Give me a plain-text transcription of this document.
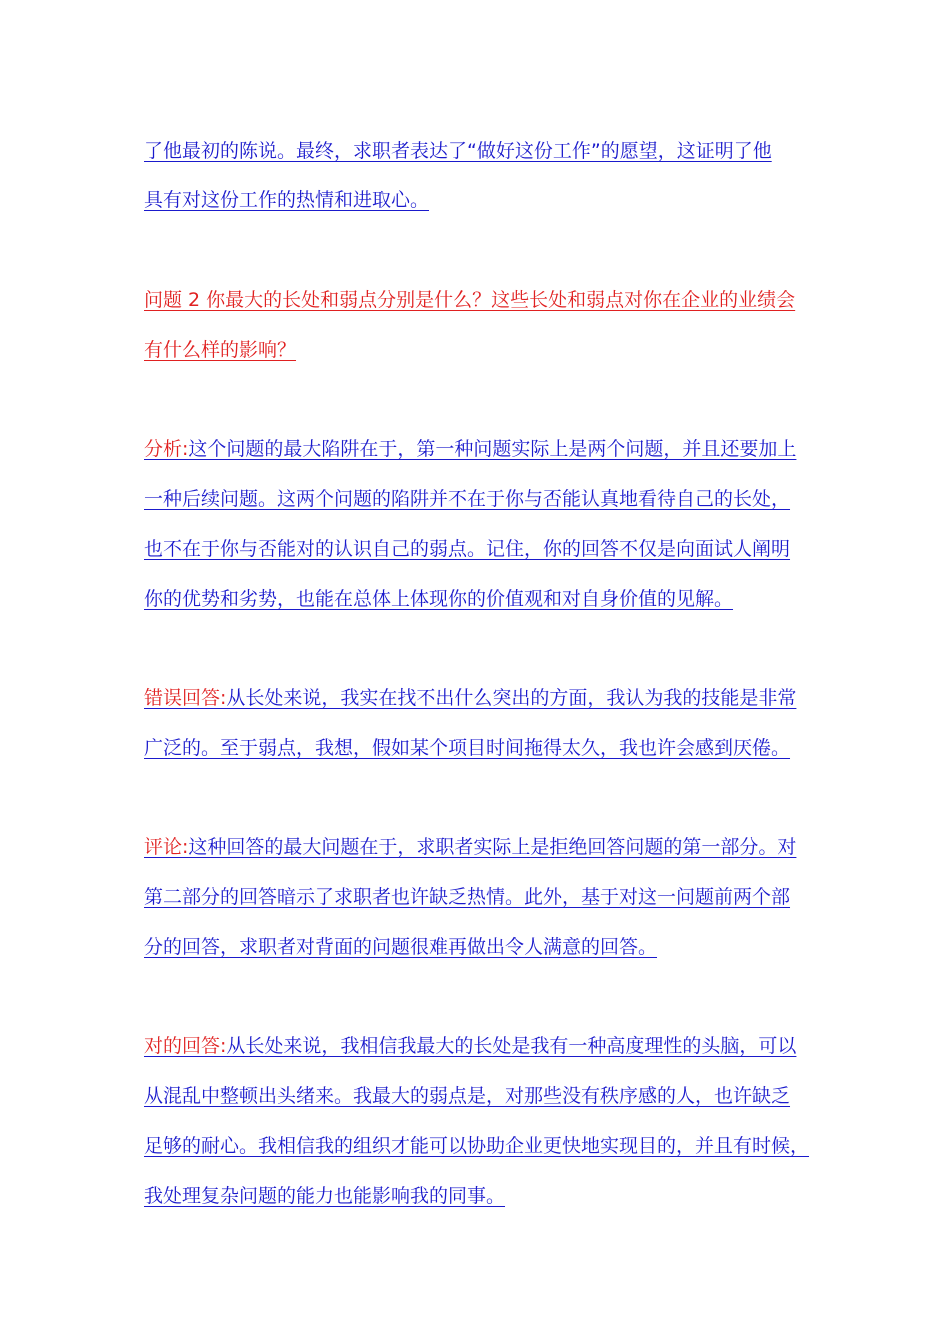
了他最初的陈说。最终，求职者表达了“做好这份工作”的愿望，这证明了他
具有对这份工作的热情和进取心。
问题 2 你最大的长处和弱点分别是什么？这些长处和弱点对你在企业的业绩会
有什么样的影响？
分析:这个问题的最大陷阱在于，第一种问题实际上是两个问题，并且还要加上
一种后续问题。这两个问题的陷阱并不在于你与否能认真地看待自己的长处，
也不在于你与否能对的认识自己的弱点。记住，你的回答不仅是向面试人阐明
你的优势和劣势，也能在总体上体现你的价值观和对自身价值的见解。
错误回答:从长处来说，我实在找不出什么突出的方面，我认为我的技能是非常
广泛的。至于弱点，我想，假如某个项目时间拖得太久，我也许会感到厌倦。
评论:这种回答的最大问题在于，求职者实际上是拒绝回答问题的第一部分。对
第二部分的回答暗示了求职者也许缺乏热情。此外，基于对这一问题前两个部
分的回答，求职者对背面的问题很难再做出令人满意的回答。
对的回答:从长处来说，我相信我最大的长处是我有一种高度理性的头脑，可以
从混乱中整顿出头绪来。我最大的弱点是，对那些没有秩序感的人，也许缺乏
足够的耐心。我相信我的组织才能可以协助企业更快地实现目的，并且有时候，
我处理复杂问题的能力也能影响我的同事。
